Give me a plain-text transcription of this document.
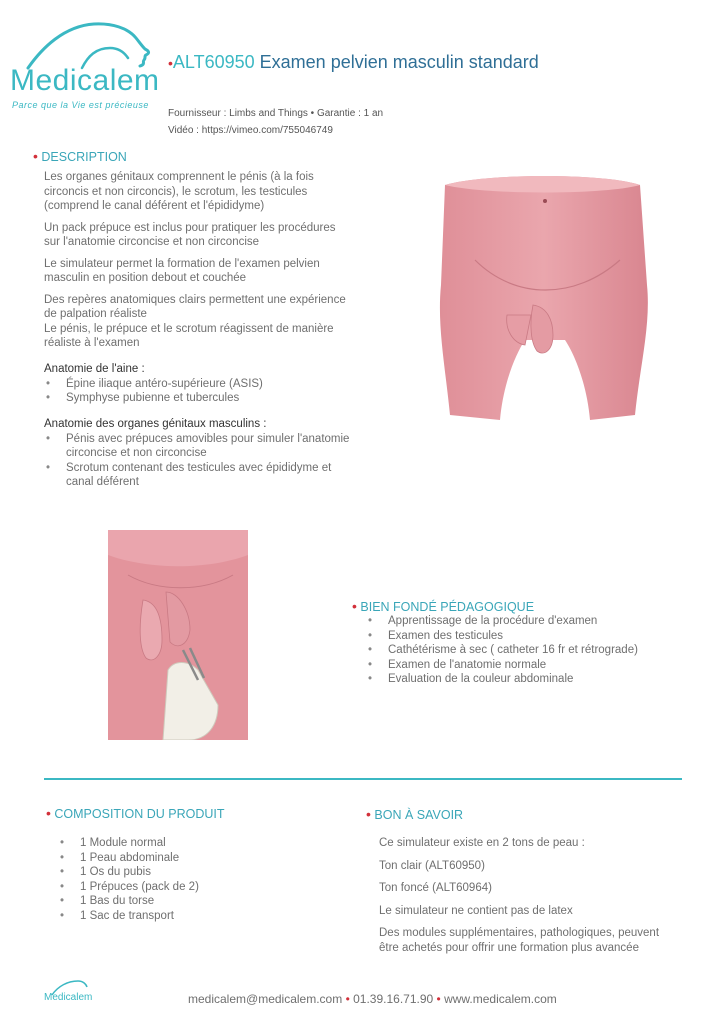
Medicalem
Parce que la Vie est précieuse
•ALT60950 Examen pelvien masculin standard
Fournisseur : Limbs and Things • Garantie : 1 an
Vidéo : https://vimeo.com/755046749
• DESCRIPTION
Les organes génitaux comprennent le pénis (à la fois circoncis et non circoncis), le scrotum, les testicules (comprend le canal déférent et l'épididyme)
Un pack prépuce est inclus pour pratiquer les procédures sur l'anatomie circoncise et non circoncise
Le simulateur permet la formation de l'examen pelvien masculin en position debout et couchée
Des repères anatomiques clairs permettent une expérience de palpation réaliste
Le pénis, le prépuce et le scrotum réagissent de manière réaliste à l'examen
Anatomie de l'aine :
• Épine iliaque antéro-supérieure (ASIS)
• Symphyse pubienne et tubercules
Anatomie des organes génitaux masculins :
• Pénis avec prépuces amovibles pour simuler l'anatomie circoncise et non circoncise
• Scrotum contenant des testicules avec épididyme et canal déférent
• BIEN FONDÉ PÉDAGOGIQUE
• Apprentissage de la procédure d'examen
• Examen des testicules
• Cathétérisme à sec ( catheter 16 fr et rétrograde)
• Examen de l'anatomie normale
• Evaluation de la couleur abdominale
• COMPOSITION DU PRODUIT
• 1 Module normal
• 1 Peau abdominale
• 1 Os du pubis
• 1 Prépuces (pack de 2)
• 1 Bas du torse
• 1 Sac de transport
• BON À SAVOIR
Ce simulateur existe en 2 tons de peau :
Ton clair (ALT60950)
Ton foncé (ALT60964)
Le simulateur ne contient pas de latex
Des modules supplémentaires, pathologiques, peuvent être achetés pour offrir une formation plus avancée
Medicalem	medicalem@medicalem.com • 01.39.16.71.90 • www.medicalem.com
